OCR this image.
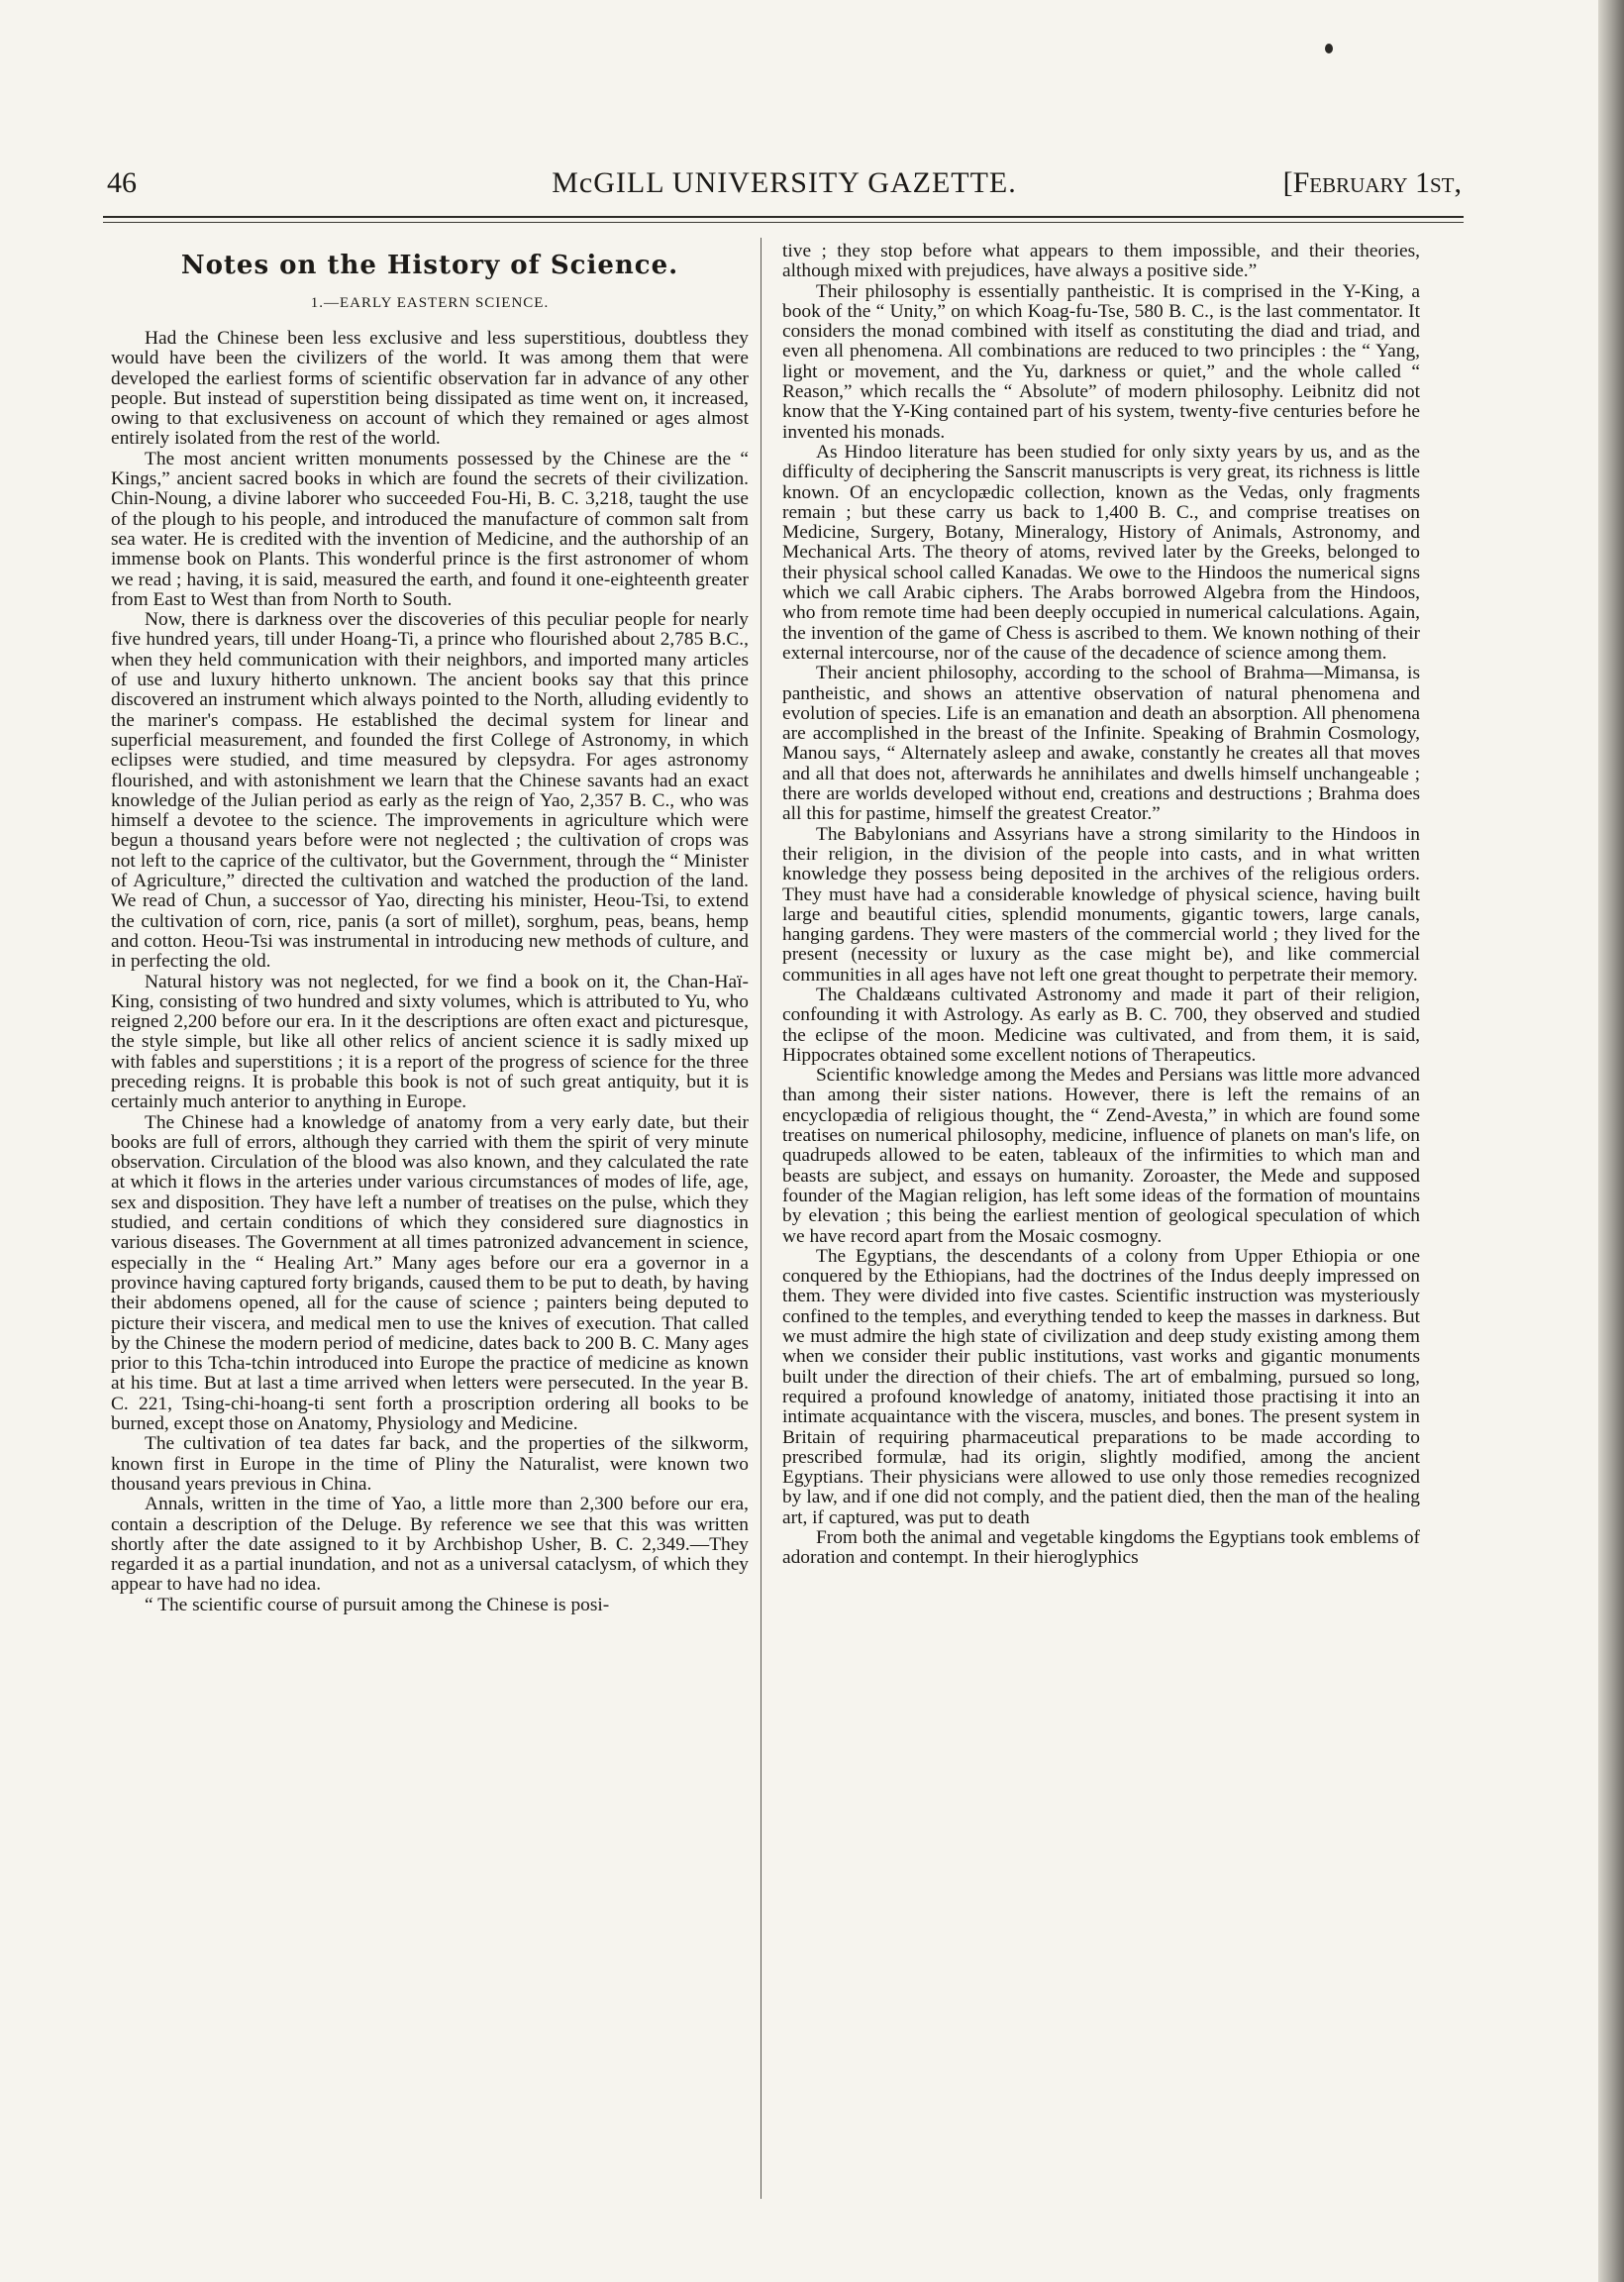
46	McGILL UNIVERSITY GAZETTE.	[February 1st,
Notes on the History of Science.
1.—EARLY EASTERN SCIENCE.

Had the Chinese been less exclusive and less superstitious, doubtless they would have been the civilizers of the world. It was among them that were developed the earliest forms of scientific observation far in advance of any other people. But instead of superstition being dissipated as time went on, it increased, owing to that exclusiveness on account of which they remained or ages almost entirely isolated from the rest of the world.

The most ancient written monuments possessed by the Chinese are the “ Kings,” ancient sacred books in which are found the secrets of their civilization. Chin-Noung, a divine laborer who succeeded Fou-Hi, B. C. 3,218, taught the use of the plough to his people, and introduced the manufacture of common salt from sea water. He is credited with the invention of Medicine, and the authorship of an immense book on Plants. This wonderful prince is the first astronomer of whom we read ; having, it is said, measured the earth, and found it one-eighteenth greater from East to West than from North to South.

Now, there is darkness over the discoveries of this peculiar people for nearly five hundred years, till under Hoang-Ti, a prince who flourished about 2,785 B.C., when they held communication with their neighbors, and imported many articles of use and luxury hitherto unknown. The ancient books say that this prince discovered an instrument which always pointed to the North, alluding evidently to the mariner's compass. He established the decimal system for linear and superficial measurement, and founded the first College of Astronomy, in which eclipses were studied, and time measured by clepsydra. For ages astronomy flourished, and with astonishment we learn that the Chinese savants had an exact knowledge of the Julian period as early as the reign of Yao, 2,357 B. C., who was himself a devotee to the science. The improvements in agriculture which were begun a thousand years before were not neglected ; the cultivation of crops was not left to the caprice of the cultivator, but the Government, through the “ Minister of Agriculture,” directed the cultivation and watched the production of the land. We read of Chun, a successor of Yao, directing his minister, Heou-Tsi, to extend the cultivation of corn, rice, panis (a sort of millet), sorghum, peas, beans, hemp and cotton. Heou-Tsi was instrumental in introducing new methods of culture, and in perfecting the old.

Natural history was not neglected, for we find a book on it, the Chan-Haï-King, consisting of two hundred and sixty volumes, which is attributed to Yu, who reigned 2,200 before our era. In it the descriptions are often exact and picturesque, the style simple, but like all other relics of ancient science it is sadly mixed up with fables and superstitions ; it is a report of the progress of science for the three preceding reigns. It is probable this book is not of such great antiquity, but it is certainly much anterior to anything in Europe.

The Chinese had a knowledge of anatomy from a very early date, but their books are full of errors, although they carried with them the spirit of very minute observation. Circulation of the blood was also known, and they calculated the rate at which it flows in the arteries under various circumstances of modes of life, age, sex and disposition. They have left a number of treatises on the pulse, which they studied, and certain conditions of which they considered sure diagnostics in various diseases. The Government at all times patronized advancement in science, especially in the “ Healing Art.” Many ages before our era a governor in a province having captured forty brigands, caused them to be put to death, by having their abdomens opened, all for the cause of science ; painters being deputed to picture their viscera, and medical men to use the knives of execution. That called by the Chinese the modern period of medicine, dates back to 200 B. C. Many ages prior to this Tcha-tchin introduced into Europe the practice of medicine as known at his time. But at last a time arrived when letters were persecuted. In the year B. C. 221, Tsing-chi-hoang-ti sent forth a proscription ordering all books to be burned, except those on Anatomy, Physiology and Medicine.

The cultivation of tea dates far back, and the properties of the silkworm, known first in Europe in the time of Pliny the Naturalist, were known two thousand years previous in China.

Annals, written in the time of Yao, a little more than 2,300 before our era, contain a description of the Deluge. By reference we see that this was written shortly after the date assigned to it by Archbishop Usher, B. C. 2,349.—They regarded it as a partial inundation, and not as a universal cataclysm, of which they appear to have had no idea.

“ The scientific course of pursuit among the Chinese is posi-

tive ; they stop before what appears to them impossible, and their theories, although mixed with prejudices, have always a positive side.”

Their philosophy is essentially pantheistic. It is comprised in the Y-King, a book of the “ Unity,” on which Koag-fu-Tse, 580 B. C., is the last commentator. It considers the monad combined with itself as constituting the diad and triad, and even all phenomena. All combinations are reduced to two principles : the “ Yang, light or movement, and the Yu, darkness or quiet,” and the whole called “ Reason,” which recalls the “ Absolute” of modern philosophy. Leibnitz did not know that the Y-King contained part of his system, twenty-five centuries before he invented his monads.

As Hindoo literature has been studied for only sixty years by us, and as the difficulty of deciphering the Sanscrit manuscripts is very great, its richness is little known. Of an encyclopædic collection, known as the Vedas, only fragments remain ; but these carry us back to 1,400 B. C., and comprise treatises on Medicine, Surgery, Botany, Mineralogy, History of Animals, Astronomy, and Mechanical Arts. The theory of atoms, revived later by the Greeks, belonged to their physical school called Kanadas. We owe to the Hindoos the numerical signs which we call Arabic ciphers. The Arabs borrowed Algebra from the Hindoos, who from remote time had been deeply occupied in numerical calculations. Again, the invention of the game of Chess is ascribed to them. We known nothing of their external intercourse, nor of the cause of the decadence of science among them.

Their ancient philosophy, according to the school of Brahma—Mimansa, is pantheistic, and shows an attentive observation of natural phenomena and evolution of species. Life is an emanation and death an absorption. All phenomena are accomplished in the breast of the Infinite. Speaking of Brahmin Cosmology, Manou says, “ Alternately asleep and awake, constantly he creates all that moves and all that does not, afterwards he annihilates and dwells himself unchangeable ; there are worlds developed without end, creations and destructions ; Brahma does all this for pastime, himself the greatest Creator.”

The Babylonians and Assyrians have a strong similarity to the Hindoos in their religion, in the division of the people into casts, and in what written knowledge they possess being deposited in the archives of the religious orders. They must have had a considerable knowledge of physical science, having built large and beautiful cities, splendid monuments, gigantic towers, large canals, hanging gardens. They were masters of the commercial world ; they lived for the present (necessity or luxury as the case might be), and like commercial communities in all ages have not left one great thought to perpetrate their memory.

The Chaldæans cultivated Astronomy and made it part of their religion, confounding it with Astrology. As early as B. C. 700, they observed and studied the eclipse of the moon. Medicine was cultivated, and from them, it is said, Hippocrates obtained some excellent notions of Therapeutics.

Scientific knowledge among the Medes and Persians was little more advanced than among their sister nations. However, there is left the remains of an encyclopædia of religious thought, the “ Zend-Avesta,” in which are found some treatises on numerical philosophy, medicine, influence of planets on man's life, on quadrupeds allowed to be eaten, tableaux of the infirmities to which man and beasts are subject, and essays on humanity. Zoroaster, the Mede and supposed founder of the Magian religion, has left some ideas of the formation of mountains by elevation ; this being the earliest mention of geological speculation of which we have record apart from the Mosaic cosmogny.

The Egyptians, the descendants of a colony from Upper Ethiopia or one conquered by the Ethiopians, had the doctrines of the Indus deeply impressed on them. They were divided into five castes. Scientific instruction was mysteriously confined to the temples, and everything tended to keep the masses in darkness. But we must admire the high state of civilization and deep study existing among them when we consider their public institutions, vast works and gigantic monuments built under the direction of their chiefs. The art of embalming, pursued so long, required a profound knowledge of anatomy, initiated those practising it into an intimate acquaintance with the viscera, muscles, and bones. The present system in Britain of requiring pharmaceutical preparations to be made according to prescribed formulæ, had its origin, slightly modified, among the ancient Egyptians. Their physicians were allowed to use only those remedies recognized by law, and if one did not comply, and the patient died, then the man of the healing art, if captured, was put to death

From both the animal and vegetable kingdoms the Egyptians took emblems of adoration and contempt. In their hieroglyphics
